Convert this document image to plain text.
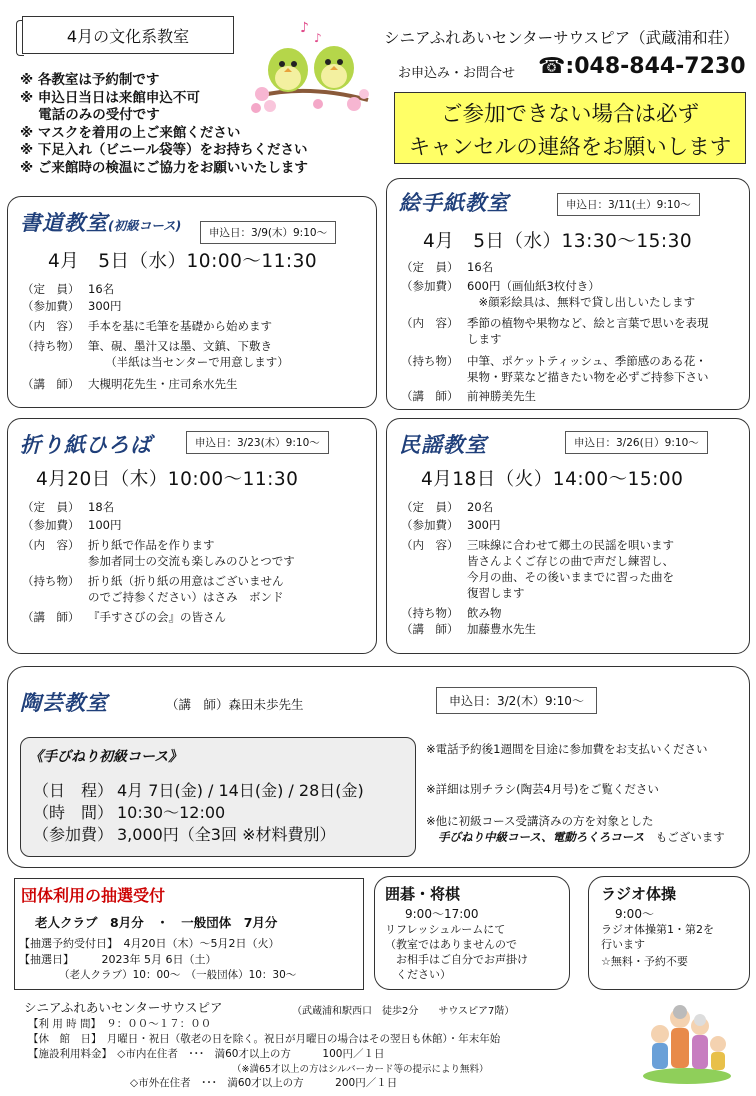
4月の文化系教室	♪
♪	シニアふれあいセンターサウスピア（武蔵浦和荘）
お申込み・お問合せ ☎:048-844-7230
ご参加できない場合は必ず
キャンセルの連絡をお願いします
※ 各教室は予約制です
※ 申込日当日は来館申込不可
　 電話のみの受付です
※ マスクを着用の上ご来館ください
※ 下足入れ（ビニール袋等）をお持ちください
※ ご来館時の検温にご協力をお願いいたします
書道教室(初級コース)	申込日：3/9(木）9:10～
4月　5日（水）10:00～11:30
（定　員） 16名
（参加費） 300円
（内　容） 手本を基に毛筆を基礎から始めます
（持ち物） 筆、硯、墨汁又は墨、文鎮、下敷き
　　（半紙は当センターで用意します）
（講　師） 大槻明花先生・庄司糸水先生
絵手紙教室	申込日：3/11(土）9:10～
4月　5日（水）13:30～15:30
（定　員） 16名
（参加費） 600円（画仙紙3枚付き）
　※顔彩絵具は、無料で貸し出しいたします
（内　容） 季節の植物や果物など、絵と言葉で思いを表現
します
（持ち物） 中筆、ポケットティッシュ、季節感のある花・
果物・野菜など描きたい物を必ずご持参下さい
（講　師） 前神勝美先生
折り紙ひろば	申込日：3/23(木）9:10～
4月20日（木）10:00～11:30
（定　員） 18名
（参加費） 100円
（内　容） 折り紙で作品を作ります
参加者同士の交流も楽しみのひとつです
（持ち物） 折り紙（折り紙の用意はございません
のでご持参ください）はさみ　ボンド
（講　師） 『手すさびの会』の皆さん
民謡教室	申込日：3/26(日）9:10～
4月18日（火）14:00～15:00
（定　員） 20名
（参加費） 300円
（内　容） 三味線に合わせて郷土の民謡を唄います
皆さんよくご存じの曲で声だし練習し、
今月の曲、その後いままでに習った曲を
復習します
（持ち物） 飲み物
（講　師） 加藤豊水先生
陶芸教室	（講　師）森田未歩先生	申込日：3/2(木）9:10～
《手びねり初級コース》
（日　程） 4月 7日(金) / 14日(金) / 28日(金)
（時　間） 10:30～12:00
（参加費） 3,000円（全3回 ※材料費別）
※電話予約後1週間を目途に参加費をお支払いください
※詳細は別チラシ(陶芸4月号)をご覧ください
※他に初級コース受講済みの方を対象とした
手びねり中級コース、電動ろくろコース　 もございます
団体利用の抽選受付
老人クラブ　8月分　・　一般団体　7月分
【抽選予約受付日】　4月20日（木）～5月2日（火）
【抽選日】　　　2023年 5月 6日（土）
（老人クラブ）10：00～　（一般団体）10：30～
囲碁・将棋
9:00～17:00
リフレッシュルームにて
（教室ではありませんので
　お相手はご自分でお声掛け
　ください）
ラジオ体操
9:00～
ラジオ体操第1・第2を
行います
☆無料・予約不要
シニアふれあいセンターサウスピア	（武蔵浦和駅西口　徒歩2分　　サウスピア7階）
【利 用 時 間】　９：００～１７：００
【休　館　日】　月曜日・祝日（敬老の日を除く。祝日が月曜日の場合はその翌日も休館）・年末年始
【施設利用料金】　◇市内在住者　･･･　満60才以上の方　　　100円／１日
（※満65才以上の方はシルバーカード等の提示により無料）
◇市外在住者　･･･　満60才以上の方　　　200円／１日
